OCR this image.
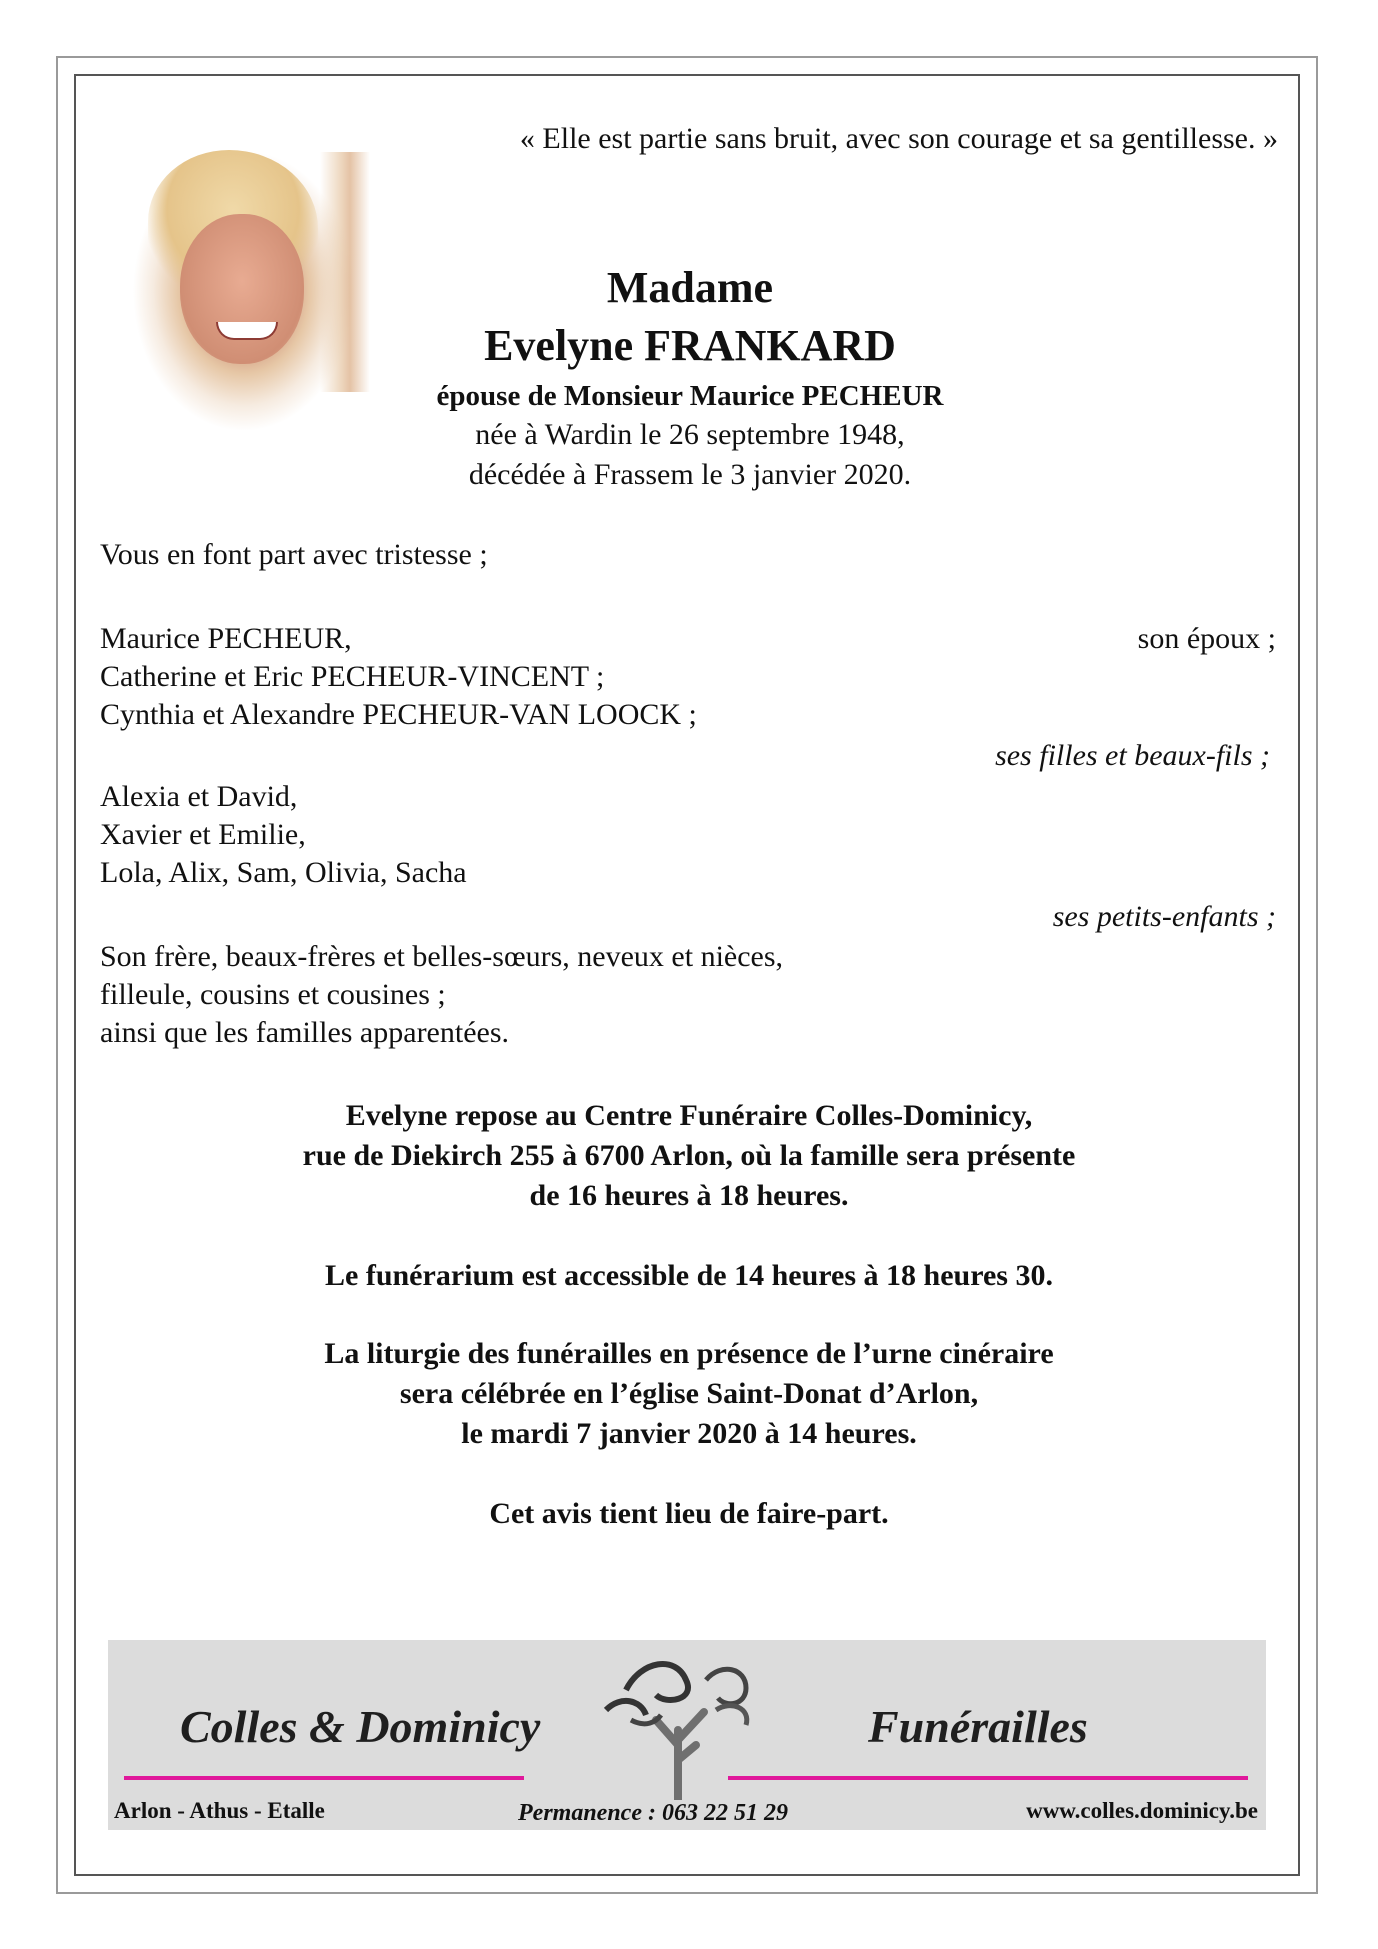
« Elle est partie sans bruit, avec son courage et sa gentillesse. »
Madame
Evelyne FRANKARD
épouse de Monsieur Maurice PECHEUR
née à Wardin le 26 septembre 1948,
décédée à Frassem le 3 janvier 2020.
Vous en font part avec tristesse ;
Maurice PECHEUR,	son époux ;
Catherine et Eric PECHEUR-VINCENT ;
Cynthia et Alexandre PECHEUR-VAN LOOCK ;
ses filles et beaux-fils ;
Alexia et David,
Xavier et Emilie,
Lola, Alix, Sam, Olivia, Sacha
ses petits-enfants ;
Son frère, beaux-frères et belles-sœurs, neveux et nièces,
filleule, cousins et cousines ;
ainsi que les familles apparentées.
Evelyne repose au Centre Funéraire Colles-Dominicy,
rue de Diekirch 255 à 6700 Arlon, où la famille sera présente
de 16 heures à 18 heures.
Le funérarium est accessible de 14 heures à 18 heures 30.
La liturgie des funérailles en présence de l’urne cinéraire
sera célébrée en l’église Saint-Donat d’Arlon,
le mardi 7 janvier 2020 à 14 heures.
Cet avis tient lieu de faire-part.
Colles & Dominicy	Funérailles
Arlon - Athus - Etalle	Permanence : 063 22 51 29	www.colles.dominicy.be
